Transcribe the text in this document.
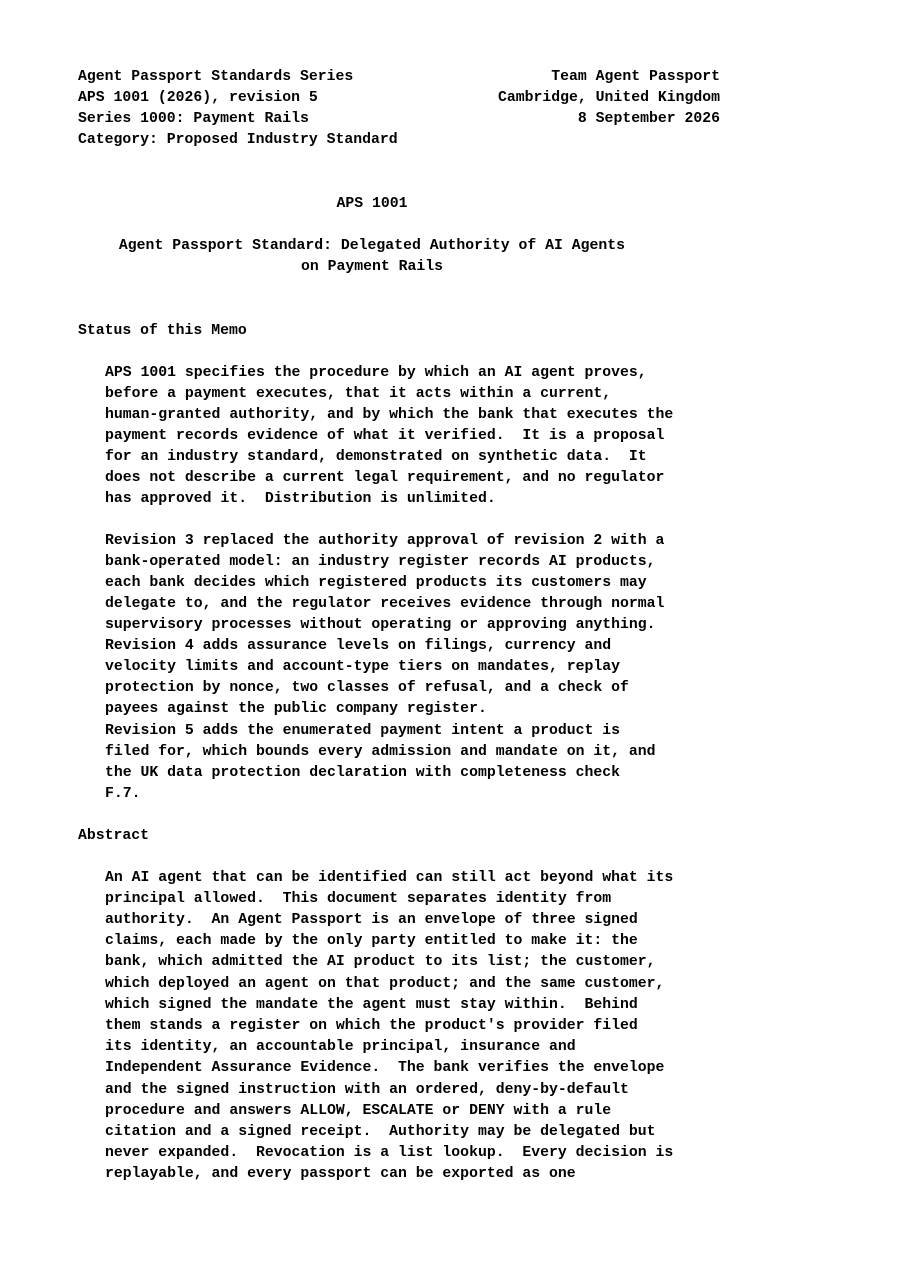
Agent Passport Standards Series
APS 1001 (2026), revision 5
Series 1000: Payment Rails
Category: Proposed Industry Standard
Team Agent Passport
Cambridge, United Kingdom
8 September 2026
APS 1001
Agent Passport Standard: Delegated Authority of AI Agents
on Payment Rails
Status of this Memo
APS 1001 specifies the procedure by which an AI agent proves,
before a payment executes, that it acts within a current,
human-granted authority, and by which the bank that executes the
payment records evidence of what it verified.  It is a proposal
for an industry standard, demonstrated on synthetic data.  It
does not describe a current legal requirement, and no regulator
has approved it.  Distribution is unlimited.
Revision 3 replaced the authority approval of revision 2 with a
bank-operated model: an industry register records AI products,
each bank decides which registered products its customers may
delegate to, and the regulator receives evidence through normal
supervisory processes without operating or approving anything.
Revision 4 adds assurance levels on filings, currency and
velocity limits and account-type tiers on mandates, replay
protection by nonce, two classes of refusal, and a check of
payees against the public company register.
Revision 5 adds the enumerated payment intent a product is
filed for, which bounds every admission and mandate on it, and
the UK data protection declaration with completeness check
F.7.
Abstract
An AI agent that can be identified can still act beyond what its
principal allowed.  This document separates identity from
authority.  An Agent Passport is an envelope of three signed
claims, each made by the only party entitled to make it: the
bank, which admitted the AI product to its list; the customer,
which deployed an agent on that product; and the same customer,
which signed the mandate the agent must stay within.  Behind
them stands a register on which the product's provider filed
its identity, an accountable principal, insurance and
Independent Assurance Evidence.  The bank verifies the envelope
and the signed instruction with an ordered, deny-by-default
procedure and answers ALLOW, ESCALATE or DENY with a rule
citation and a signed receipt.  Authority may be delegated but
never expanded.  Revocation is a list lookup.  Every decision is
replayable, and every passport can be exported as one
